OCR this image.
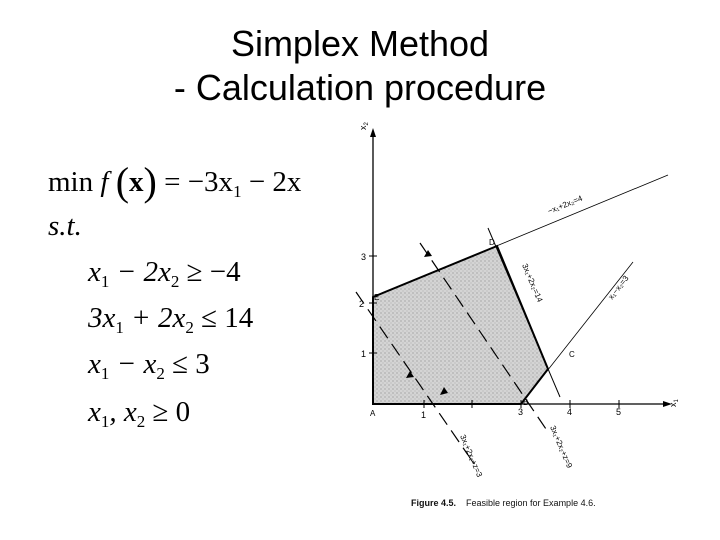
Simplex Method
- Calculation procedure
min f $(x) = -3x_1 - 2x$
s.t.
$x_1 - 2x_2 \ge -4$
$3x_1 + 2x_2 \le 14$
$x_1 - x_2 \le 3$
$x_1$, $x_2 \ge 0$
$x_2$
$x_1$
1	3	4	5
1
2
3
A
B
C
D
E
−x₁+2x₂=4
3x₁+2x₂=14	x₁−x₂=3
3x₁+2x₂+z=3	3x₁+2x₂+z=9
Figure 4.5. Feasible region for Example 4.6.
